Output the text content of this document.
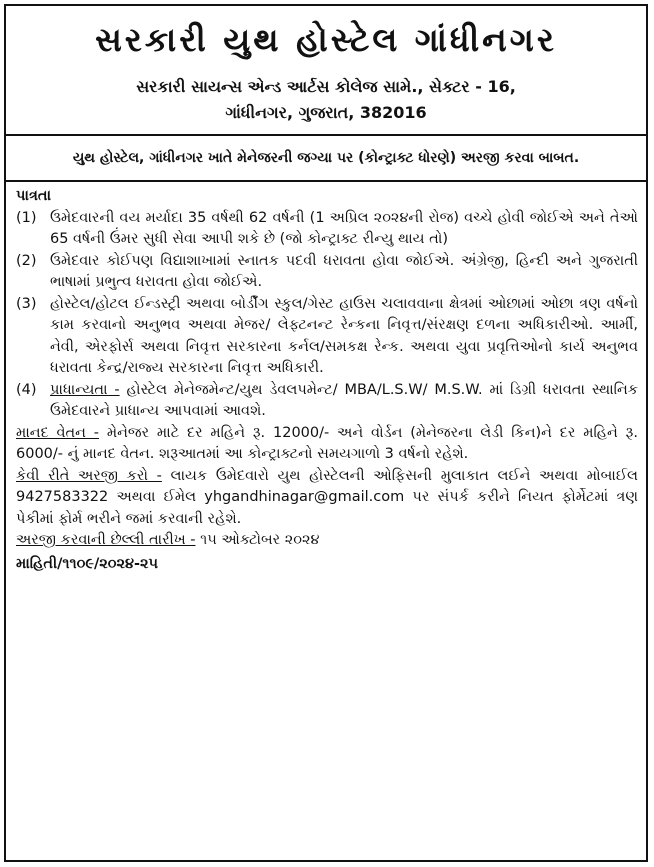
સરકારી યુથ હોસ્ટેલ ગાંધીનગર
સરકારી સાયન્સ એન્ડ આર્ટસ કોલેજ સામે., સેક્ટર - 16,
ગાંધીનગર, ગુજરાત, 382016
યુથ હોસ્ટેલ, ગાંધીનગર ખાતે મેનેજરની જગ્યા પર (કોન્ટ્રાક્ટ ધોરણે) અરજી કરવા બાબત.
પાત્રતા
(1) ઉમેદવારની વય મર્યાદા 35 વર્ષથી 62 વર્ષની (1 અપ્રિલ ૨૦૨૪ની રોજ) વચ્ચે હોવી જોઈએ અને તેઓ 65 વર્ષની ઉંમર સુધી સેવા આપી શકે છે (જો કોન્ટ્રાક્ટ રીન્યુ થાય તો)
(2) ઉમેદવાર કોઈપણ વિદ્યાશાખામાં સ્નાતક પદવી ધરાવતા હોવા જોઈએ. અંગ્રેજી, હિન્દી અને ગુજરાતી ભાષામાં પ્રભુત્વ ધરાવતા હોવા જોઈએ.
(3) હોસ્ટેલ/હોટલ ઈન્ડસ્ટ્રી અથવા બોર્ડીંગ સ્કુલ/ગેસ્ટ હાઉસ ચલાવવાના ક્ષેત્રમાં ઓછામાં ઓછા ત્રણ વર્ષનો કામ કરવાનો અનુભવ અથવા મેજર/ લેફ્ટનન્ટ રેન્કના નિવૃત્ત/સંરક્ષણ દળના અધિકારીઓ. આર્મી, નેવી, એરફોર્સ અથવા નિવૃત્ત સરકારના કર્નલ/સમકક્ષ રેન્ક. અથવા યુવા પ્રવૃત્તિઓનો કાર્ય અનુભવ ધરાવતા કેન્દ્ર/રાજ્ય સરકારના નિવૃત્ત અધિકારી.
(4) પ્રાધાન્યતા - હોસ્ટેલ મેનેજમેન્ટ/યુથ ડેવલપમેન્ટ/ MBA/L.S.W/ M.S.W. માં ડિગ્રી ધરાવતા સ્થાનિક ઉમેદવારને પ્રાધાન્ય આપવામાં આવશે.
માનદ વેતન - મેનેજર માટે દર મહિને રૂ. 12000/- અને વોર્ડન (મેનેજરના લેડી કિન)ને દર મહિને રૂ. 6000/- નું માનદ વેતન. શરૂઆતમાં આ કોન્ટ્રાક્ટનો સમયગાળો 3 વર્ષનો રહેશે.
કેવી રીતે અરજી કરો - લાયક ઉમેદવારો યુથ હોસ્ટેલની ઓફિસની મુલાકાત લઈને અથવા મોબાઈલ 9427583322 અથવા ઈમેલ yhgandhinagar@gmail.com પર સંપર્ક કરીને નિયત ફોર્મેટમાં ત્રણ પેકીમાં ફોર્મ ભરીને જમાં કરવાની રહેશે.
અરજી કરવાની છેલ્લી તારીખ - ૧૫ ઓક્ટોબર ૨૦૨૪
માહિતી/૧૧૦૯/૨૦૨૪-૨૫
